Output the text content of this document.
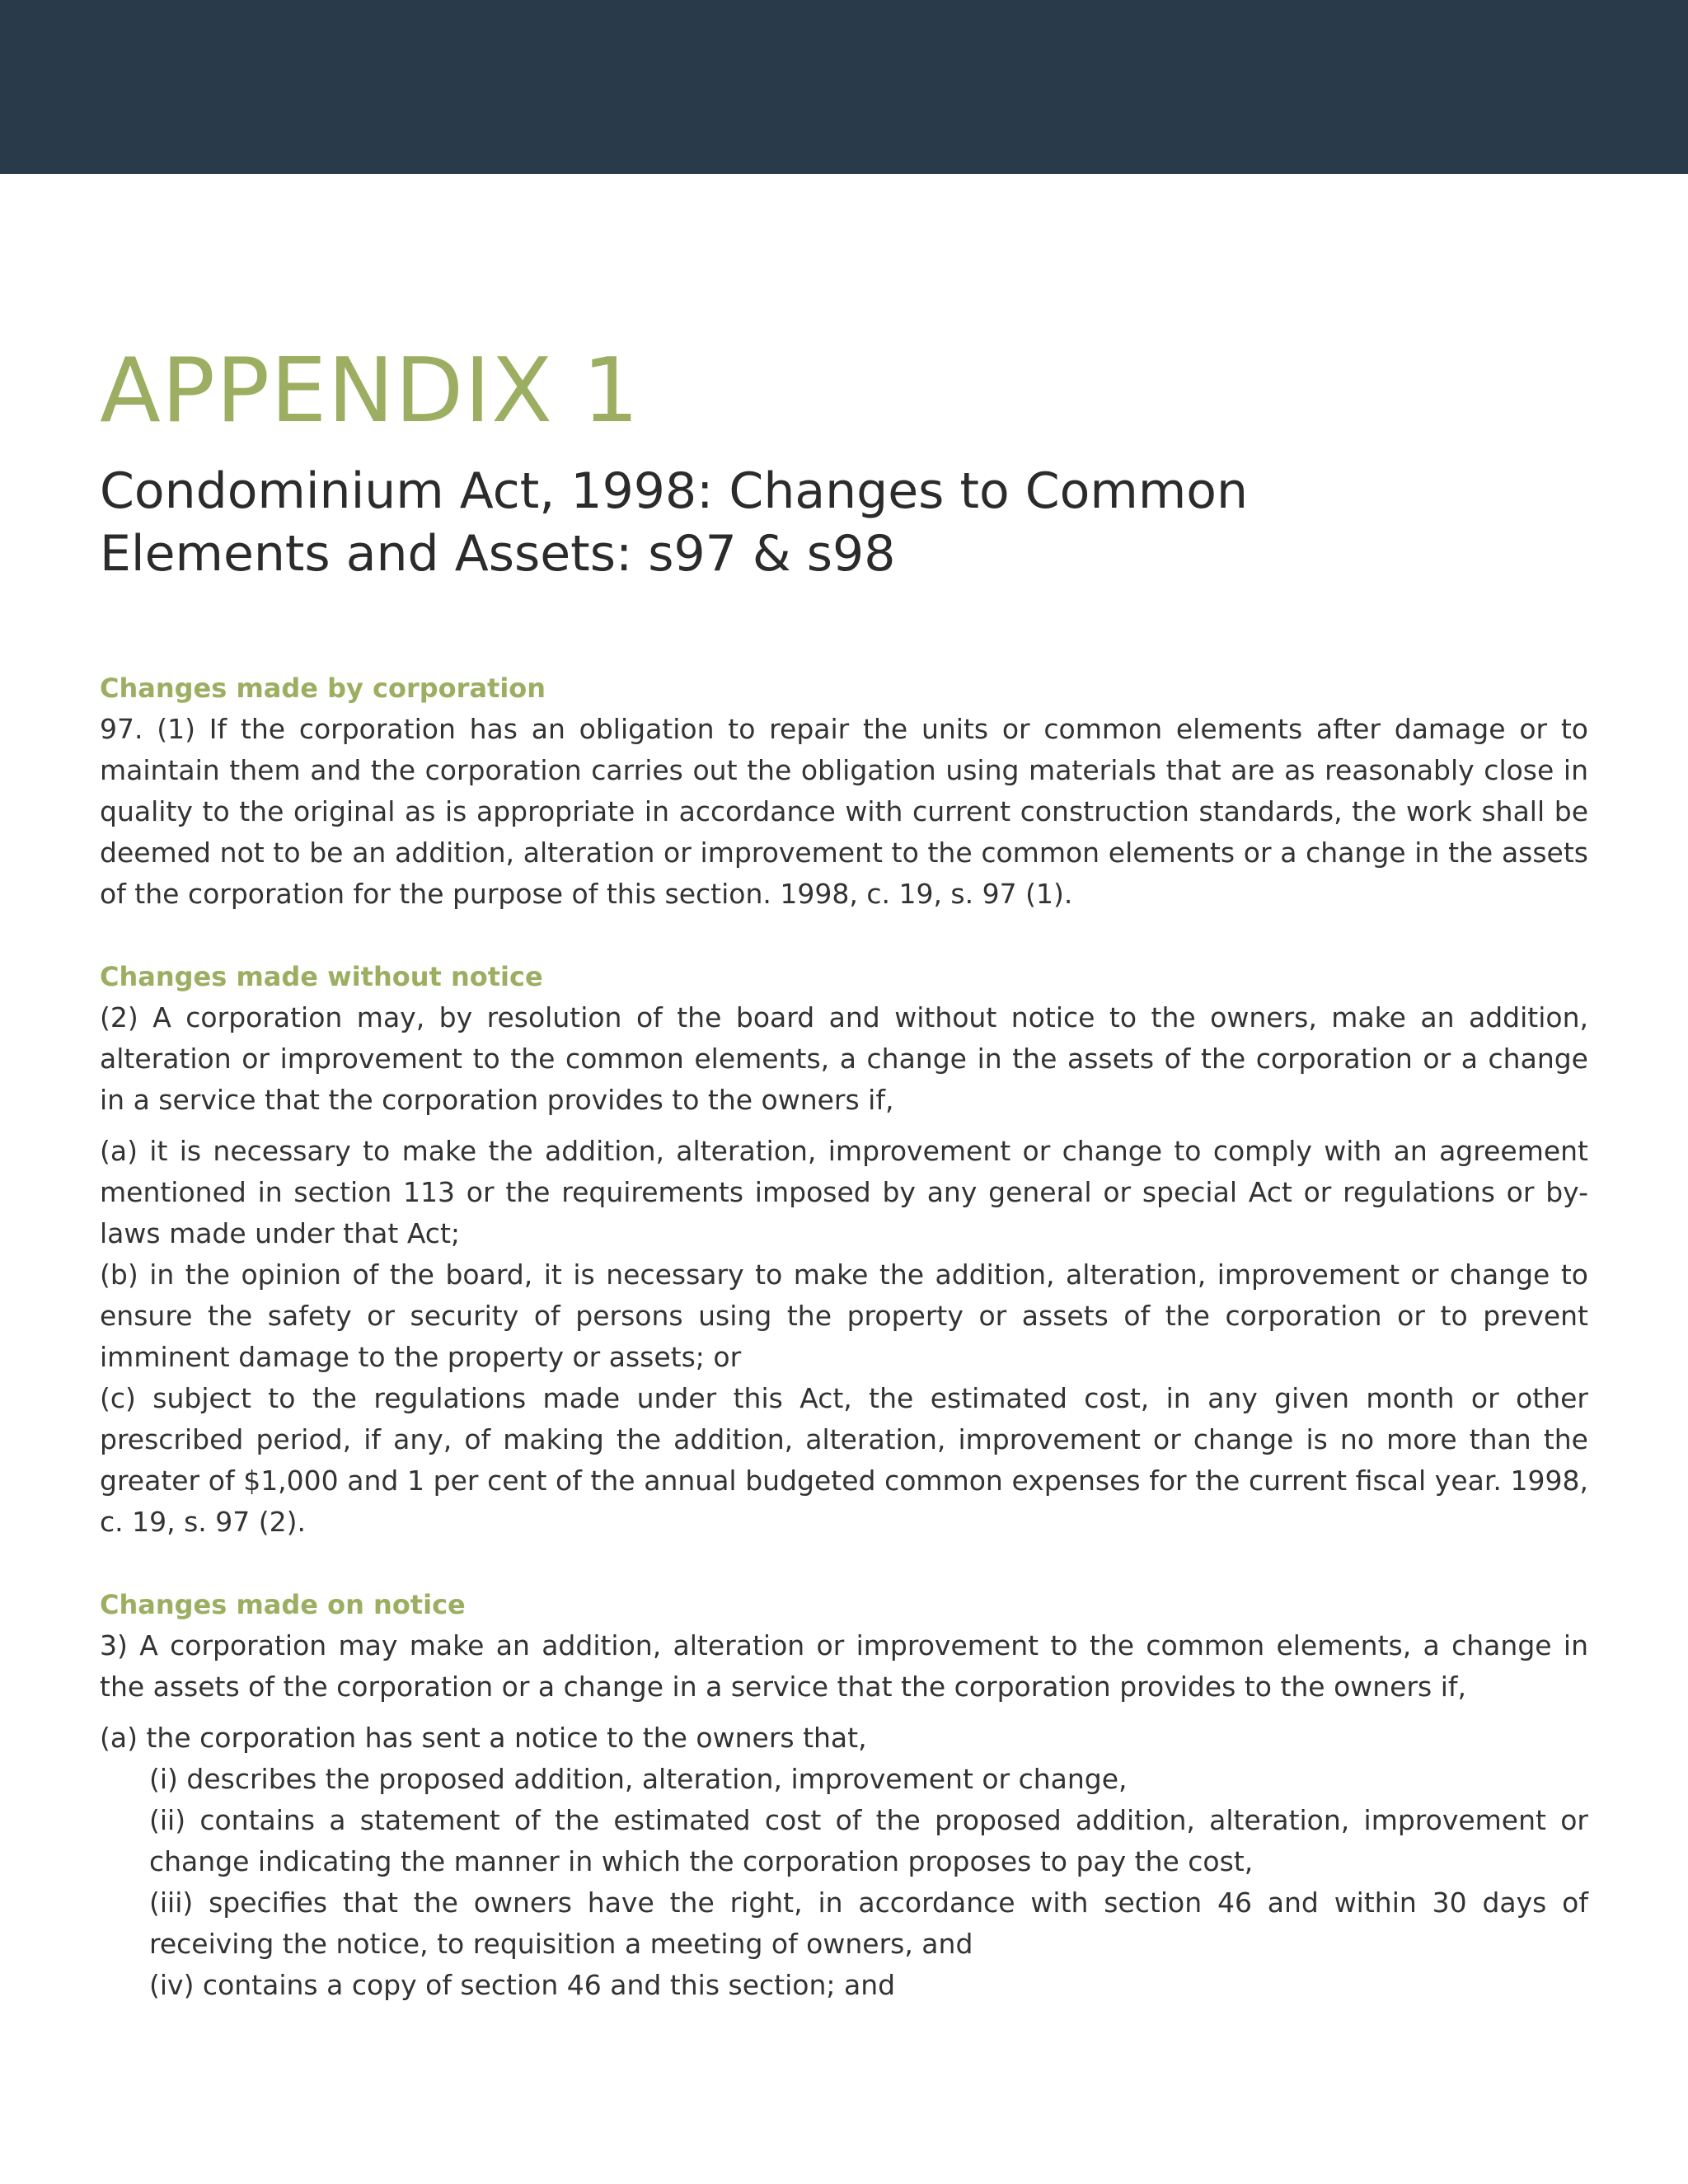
APPENDIX 1
Condominium Act, 1998: Changes to Common Elements and Assets: s97 & s98

Changes made by corporation

97. (1) If the corporation has an obligation to repair the units or common elements after damage or to maintain them and the corporation carries out the obligation using materials that are as reasonably close in quality to the original as is appropriate in accordance with current construction standards, the work shall be deemed not to be an addition, alteration or improvement to the common elements or a change in the assets of the corporation for the purpose of this section. 1998, c. 19, s. 97 (1).

Changes made without notice

(2) A corporation may, by resolution of the board and without notice to the owners, make an addition, alteration or improvement to the common elements, a change in the assets of the corporation or a change in a service that the corporation provides to the owners if,

(a) it is necessary to make the addition, alteration, improvement or change to comply with an agreement mentioned in section 113 or the requirements imposed by any general or special Act or regulations or by-laws made under that Act;

(b) in the opinion of the board, it is necessary to make the addition, alteration, improvement or change to ensure the safety or security of persons using the property or assets of the corporation or to prevent imminent damage to the property or assets; or

(c) subject to the regulations made under this Act, the estimated cost, in any given month or other prescribed period, if any, of making the addition, alteration, improvement or change is no more than the greater of $1,000 and 1 per cent of the annual budgeted common expenses for the current fiscal year. 1998, c. 19, s. 97 (2).

Changes made on notice

3) A corporation may make an addition, alteration or improvement to the common elements, a change in the assets of the corporation or a change in a service that the corporation provides to the owners if,

(a) the corporation has sent a notice to the owners that,

(i) describes the proposed addition, alteration, improvement or change,

(ii) contains a statement of the estimated cost of the proposed addition, alteration, improvement or change indicating the manner in which the corporation proposes to pay the cost,

(iii) specifies that the owners have the right, in accordance with section 46 and within 30 days of receiving the notice, to requisition a meeting of owners, and

(iv) contains a copy of section 46 and this section; and
